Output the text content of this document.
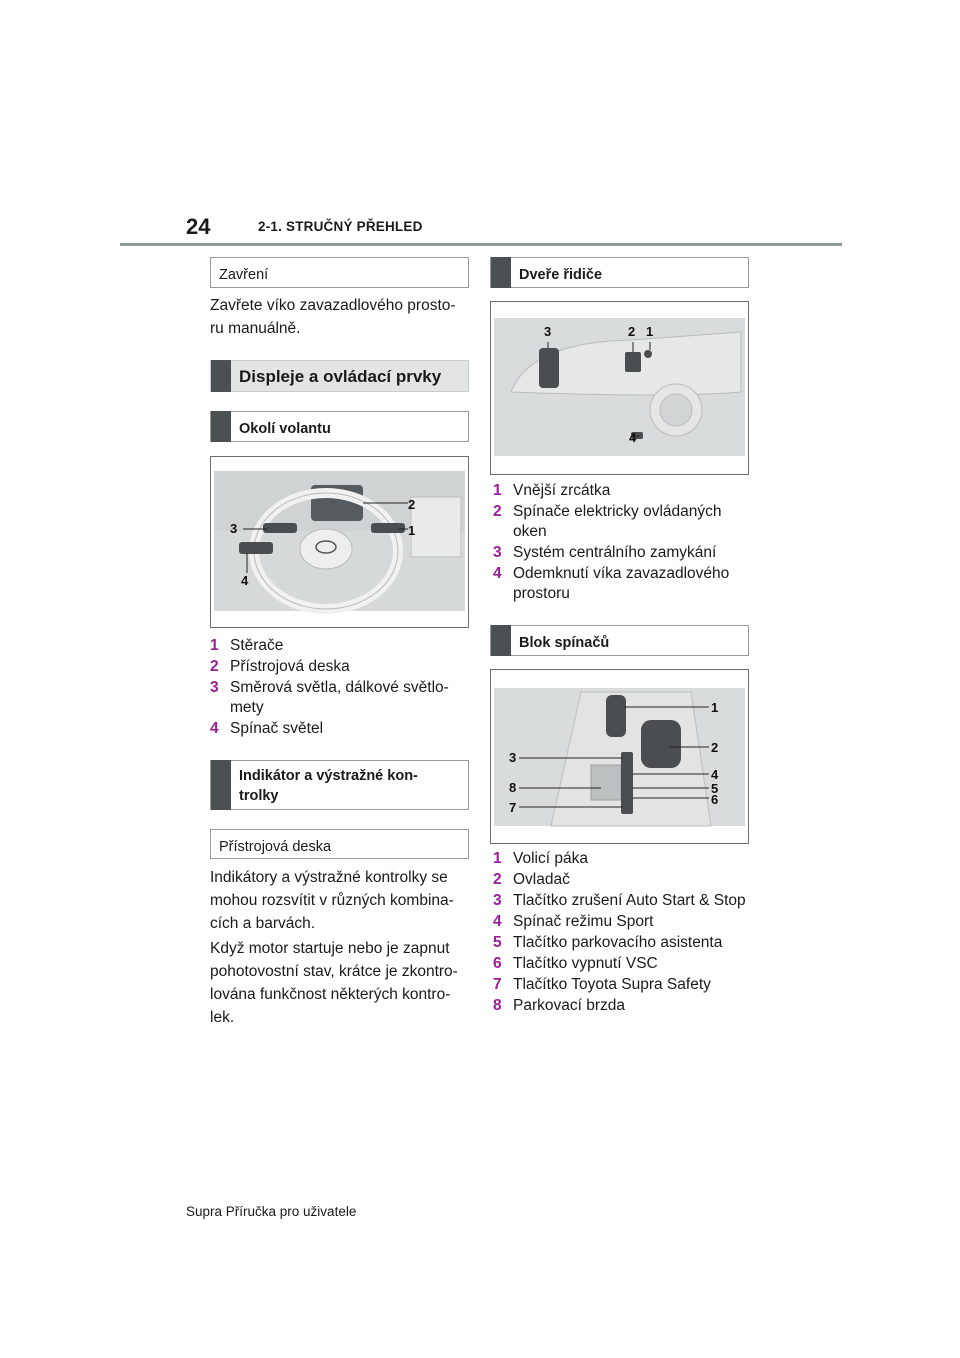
24	2-1. STRUČNÝ PŘEHLED
Zavření
Zavřete víko zavazadlového prosto-
ru manuálně.
Displeje a ovládací prvky
Okolí volantu
2
1
3
4
1 Stěrače
2 Přístrojová deska
3 Směrová světla, dálkové světlo-mety
4 Spínač světel
Indikátor a výstražné kon-
trolky
Přístrojová deska
Indikátory a výstražné kontrolky se
mohou rozsvítit v různých kombina-
cích a barvách.
Když motor startuje nebo je zapnut
pohotovostní stav, krátce je zkontro-
lována funkčnost některých kontro-
lek.
Dveře řidiče
3	2 1
4
1 Vnější zrcátka
2 Spínače elektricky ovládaných oken
3 Systém centrálního zamykání
4 Odemknutí víka zavazadlového prostoru
Blok spínačů
1
2
3
4
5
6
8
7
1 Volicí páka
2 Ovladač
3 Tlačítko zrušení Auto Start & Stop
4 Spínač režimu Sport
5 Tlačítko parkovacího asistenta
6 Tlačítko vypnutí VSC
7 Tlačítko Toyota Supra Safety
8 Parkovací brzda
Supra Příručka pro uživatele
